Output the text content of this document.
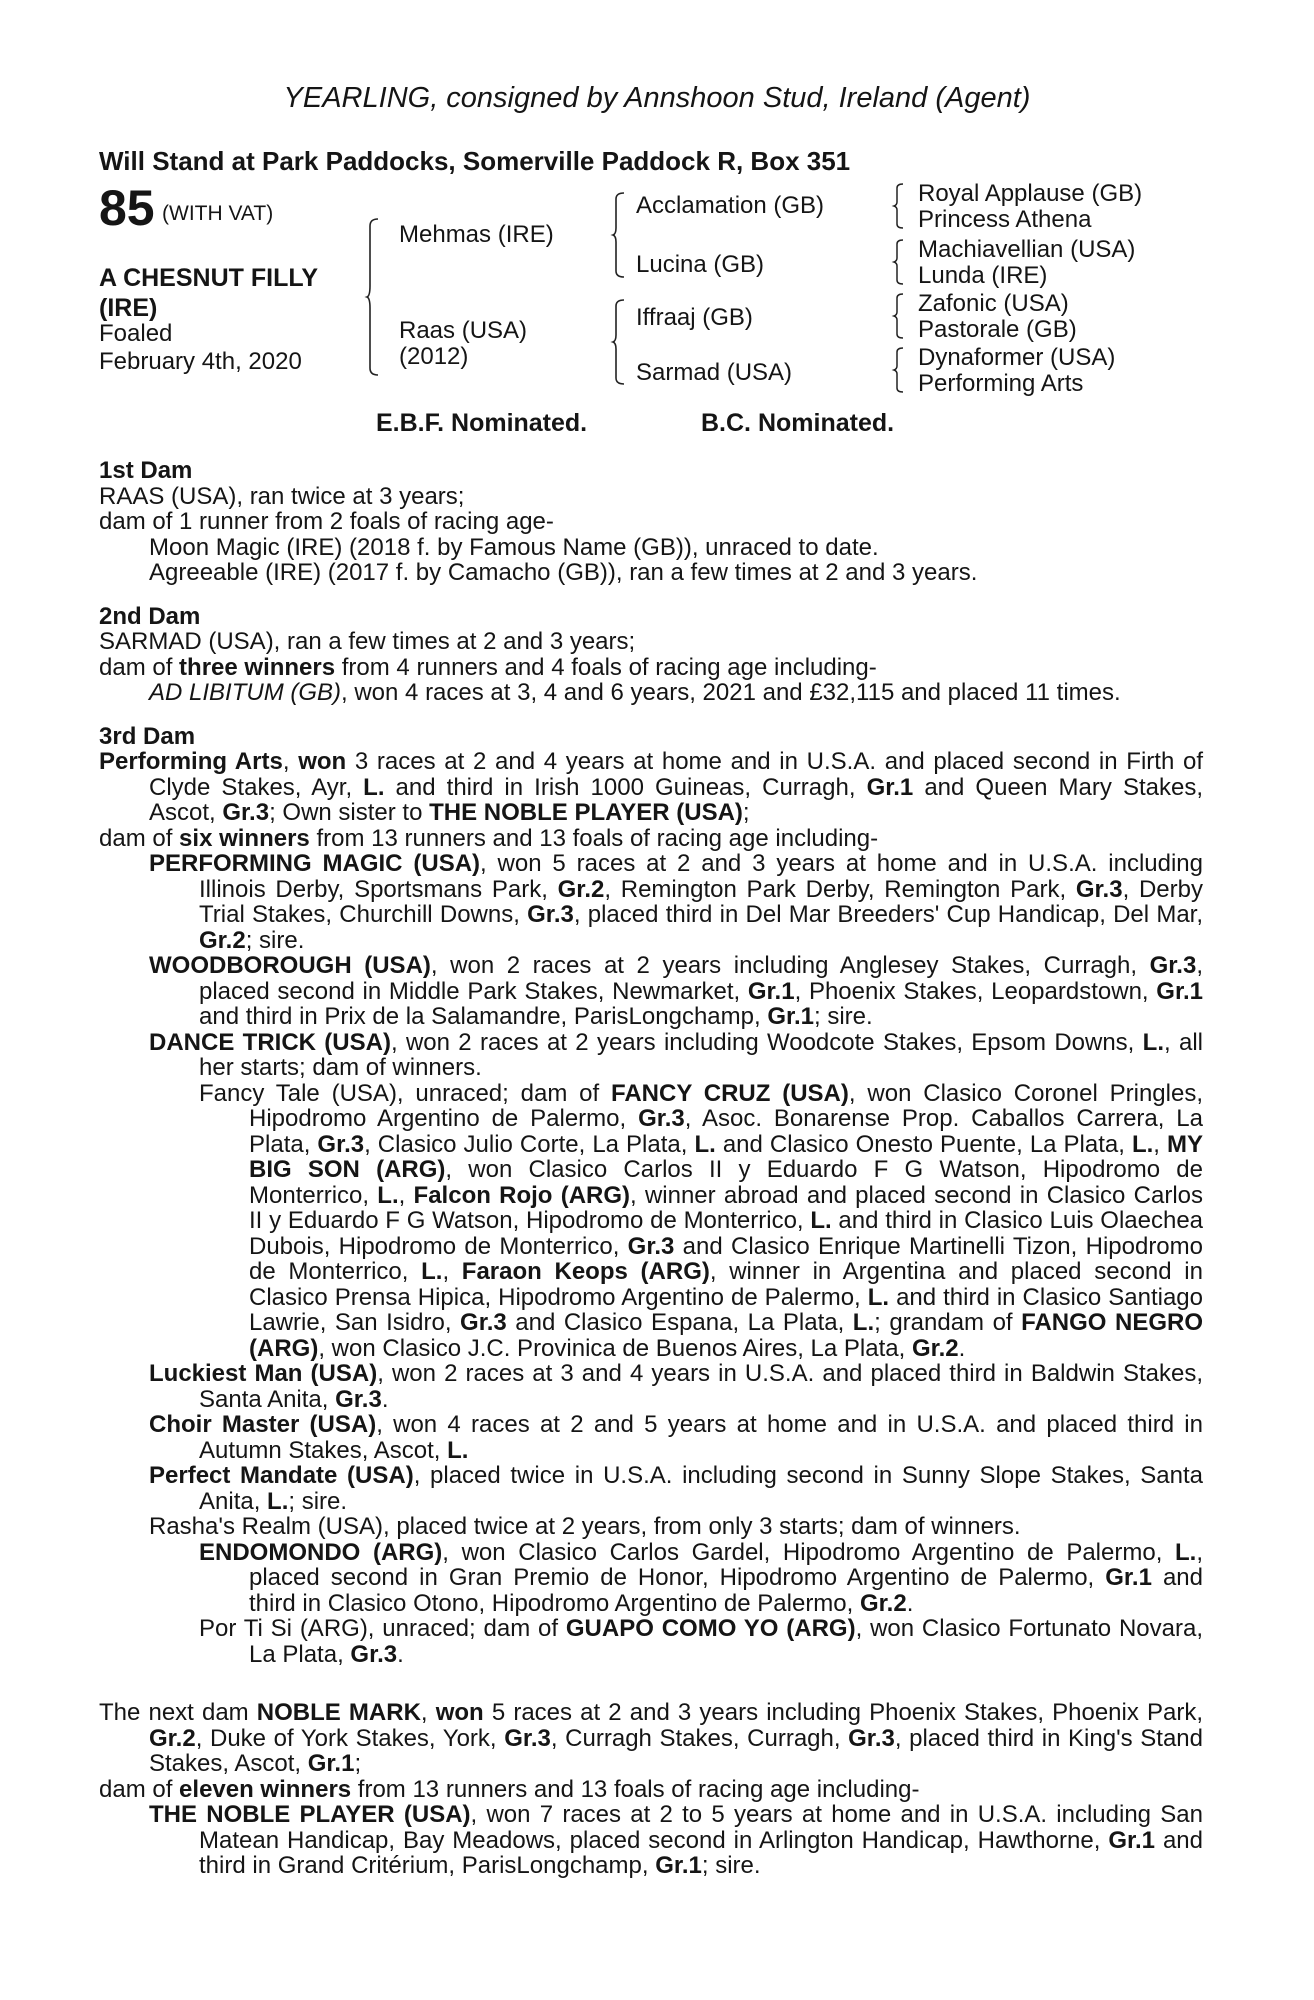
YEARLING, consigned by Annshoon Stud, Ireland (Agent)
Will Stand at Park Paddocks, Somerville Paddock R, Box 351
85 (WITH VAT)
A CHESNUT FILLY
(IRE)
Foaled
February 4th, 2020
Mehmas (IRE)
Raas (USA)
(2012)
Acclamation (GB)
Lucina (GB)
Iffraaj (GB)
Sarmad (USA)
Royal Applause (GB)
Princess Athena
Machiavellian (USA)
Lunda (IRE)
Zafonic (USA)
Pastorale (GB)
Dynaformer (USA)
Performing Arts
E.B.F. Nominated.	B.C. Nominated.

1st Dam

RAAS (USA), ran twice at 3 years;

dam of 1 runner from 2 foals of racing age-

Moon Magic (IRE) (2018 f. by Famous Name (GB)), unraced to date.

Agreeable (IRE) (2017 f. by Camacho (GB)), ran a few times at 2 and 3 years.

2nd Dam

SARMAD (USA), ran a few times at 2 and 3 years;

dam of three winners from 4 runners and 4 foals of racing age including-

AD LIBITUM (GB), won 4 races at 3, 4 and 6 years, 2021 and £32,115 and placed 11 times.

3rd Dam

Performing Arts, won 3 races at 2 and 4 years at home and in U.S.A. and placed second in Firth of Clyde Stakes, Ayr, L. and third in Irish 1000 Guineas, Curragh, Gr.1 and Queen Mary Stakes, Ascot, Gr.3; Own sister to THE NOBLE PLAYER (USA);

dam of six winners from 13 runners and 13 foals of racing age including-

PERFORMING MAGIC (USA), won 5 races at 2 and 3 years at home and in U.S.A. including Illinois Derby, Sportsmans Park, Gr.2, Remington Park Derby, Remington Park, Gr.3, Derby Trial Stakes, Churchill Downs, Gr.3, placed third in Del Mar Breeders' Cup Handicap, Del Mar, Gr.2; sire.

WOODBOROUGH (USA), won 2 races at 2 years including Anglesey Stakes, Curragh, Gr.3, placed second in Middle Park Stakes, Newmarket, Gr.1, Phoenix Stakes, Leopardstown, Gr.1 and third in Prix de la Salamandre, ParisLongchamp, Gr.1; sire.

DANCE TRICK (USA), won 2 races at 2 years including Woodcote Stakes, Epsom Downs, L., all her starts; dam of winners.

Fancy Tale (USA), unraced; dam of FANCY CRUZ (USA), won Clasico Coronel Pringles, Hipodromo Argentino de Palermo, Gr.3, Asoc. Bonarense Prop. Caballos Carrera, La Plata, Gr.3, Clasico Julio Corte, La Plata, L. and Clasico Onesto Puente, La Plata, L., MY BIG SON (ARG), won Clasico Carlos II y Eduardo F G Watson, Hipodromo de Monterrico, L., Falcon Rojo (ARG), winner abroad and placed second in Clasico Carlos II y Eduardo F G Watson, Hipodromo de Monterrico, L. and third in Clasico Luis Olaechea Dubois, Hipodromo de Monterrico, Gr.3 and Clasico Enrique Martinelli Tizon, Hipodromo de Monterrico, L., Faraon Keops (ARG), winner in Argentina and placed second in Clasico Prensa Hipica, Hipodromo Argentino de Palermo, L. and third in Clasico Santiago Lawrie, San Isidro, Gr.3 and Clasico Espana, La Plata, L.; grandam of FANGO NEGRO (ARG), won Clasico J.C. Provinica de Buenos Aires, La Plata, Gr.2.

Luckiest Man (USA), won 2 races at 3 and 4 years in U.S.A. and placed third in Baldwin Stakes, Santa Anita, Gr.3.

Choir Master (USA), won 4 races at 2 and 5 years at home and in U.S.A. and placed third in Autumn Stakes, Ascot, L.

Perfect Mandate (USA), placed twice in U.S.A. including second in Sunny Slope Stakes, Santa Anita, L.; sire.

Rasha's Realm (USA), placed twice at 2 years, from only 3 starts; dam of winners.

ENDOMONDO (ARG), won Clasico Carlos Gardel, Hipodromo Argentino de Palermo, L., placed second in Gran Premio de Honor, Hipodromo Argentino de Palermo, Gr.1 and third in Clasico Otono, Hipodromo Argentino de Palermo, Gr.2.

Por Ti Si (ARG), unraced; dam of GUAPO COMO YO (ARG), won Clasico Fortunato Novara, La Plata, Gr.3.

The next dam NOBLE MARK, won 5 races at 2 and 3 years including Phoenix Stakes, Phoenix Park, Gr.2, Duke of York Stakes, York, Gr.3, Curragh Stakes, Curragh, Gr.3, placed third in King's Stand Stakes, Ascot, Gr.1;

dam of eleven winners from 13 runners and 13 foals of racing age including-

THE NOBLE PLAYER (USA), won 7 races at 2 to 5 years at home and in U.S.A. including San Matean Handicap, Bay Meadows, placed second in Arlington Handicap, Hawthorne, Gr.1 and third in Grand Critérium, ParisLongchamp, Gr.1; sire.
